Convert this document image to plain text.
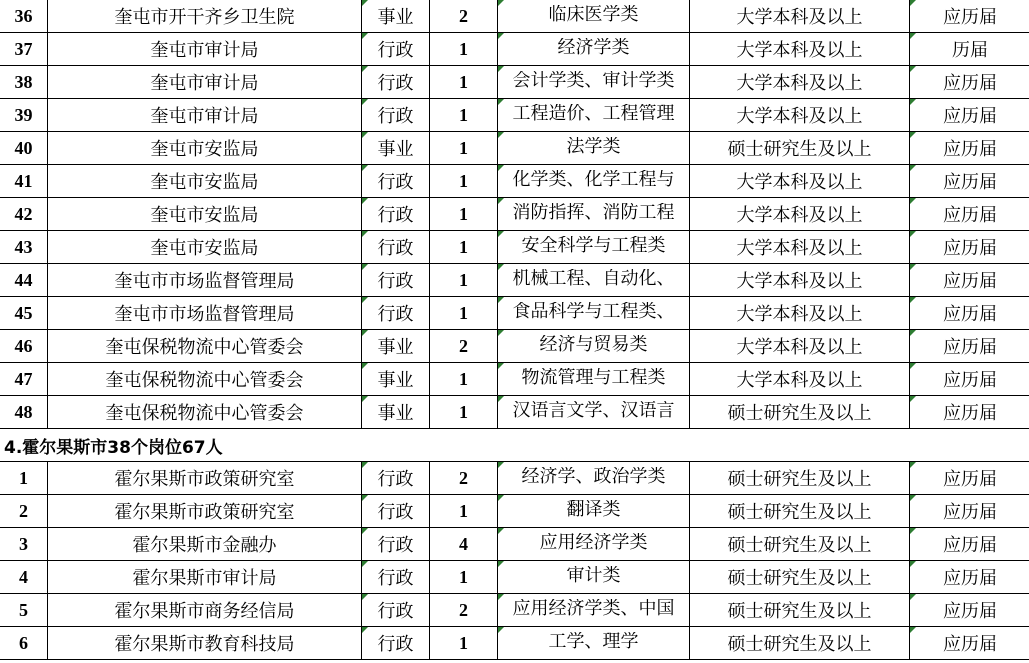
36	奎屯市开干齐乡卫生院	事业	2	临床医学类	大学本科及以上	应历届
37	奎屯市审计局	行政	1	经济学类	大学本科及以上	历届
38	奎屯市审计局	行政	1	会计学类、审计学类	大学本科及以上	应历届
39	奎屯市审计局	行政	1	工程造价、工程管理	大学本科及以上	应历届
40	奎屯市安监局	事业	1	法学类	硕士研究生及以上	应历届
41	奎屯市安监局	行政	1	化学类、化学工程与	大学本科及以上	应历届
42	奎屯市安监局	行政	1	消防指挥、消防工程	大学本科及以上	应历届
43	奎屯市安监局	行政	1	安全科学与工程类	大学本科及以上	应历届
44	奎屯市市场监督管理局	行政	1	机械工程、自动化、	大学本科及以上	应历届
45	奎屯市市场监督管理局	行政	1	食品科学与工程类、	大学本科及以上	应历届
46	奎屯保税物流中心管委会	事业	2	经济与贸易类	大学本科及以上	应历届
47	奎屯保税物流中心管委会	事业	1	物流管理与工程类	大学本科及以上	应历届
48	奎屯保税物流中心管委会	事业	1	汉语言文学、汉语言	硕士研究生及以上	应历届
4.霍尔果斯市38个岗位67人						
1	霍尔果斯市政策研究室	行政	2	经济学、政治学类	硕士研究生及以上	应历届
2	霍尔果斯市政策研究室	行政	1	翻译类	硕士研究生及以上	应历届
3	霍尔果斯市金融办	行政	4	应用经济学类	硕士研究生及以上	应历届
4	霍尔果斯市审计局	行政	1	审计类	硕士研究生及以上	应历届
5	霍尔果斯市商务经信局	行政	2	应用经济学类、中国	硕士研究生及以上	应历届
6	霍尔果斯市教育科技局	行政	1	工学、理学	硕士研究生及以上	应历届
